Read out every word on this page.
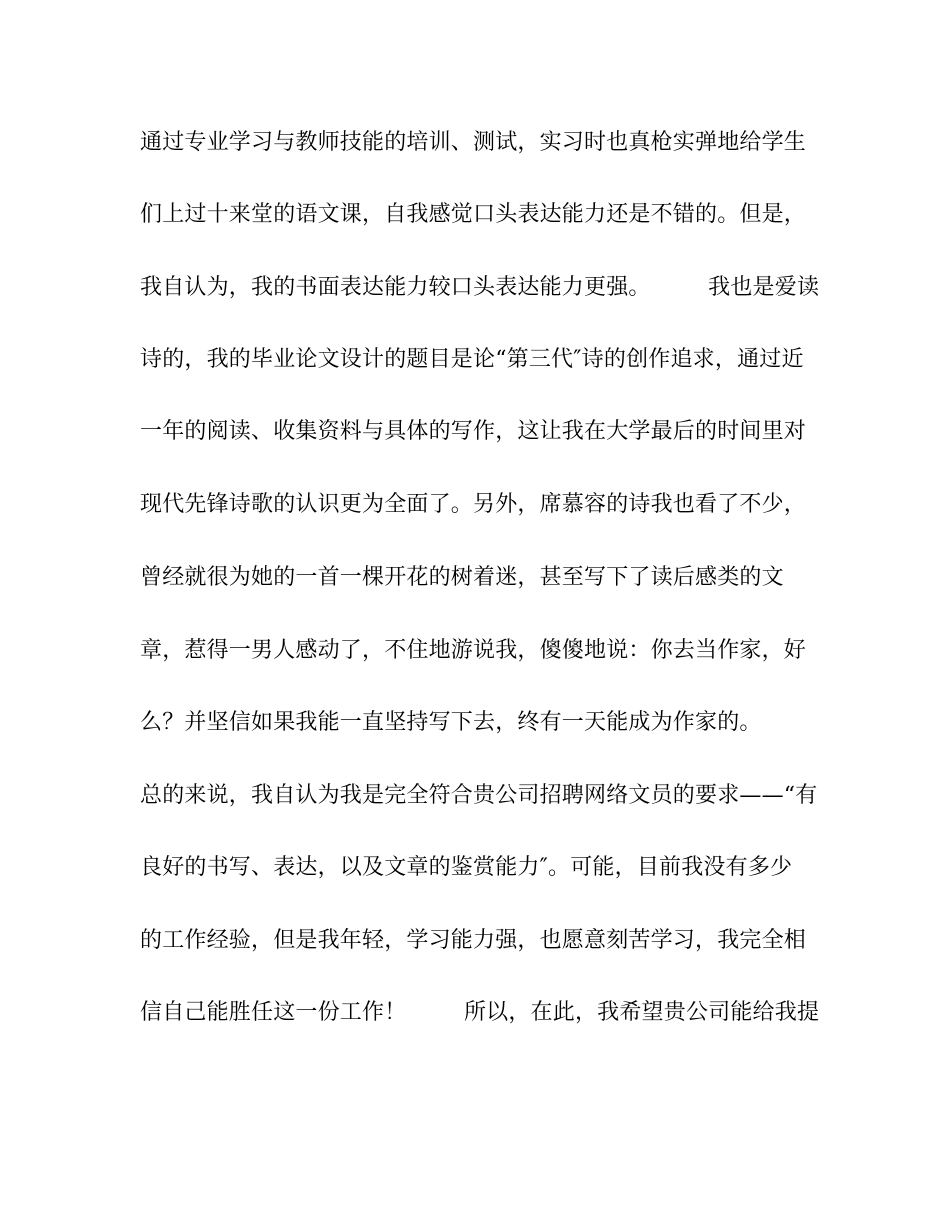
通过专业学习与教师技能的培训、测试，实习时也真枪实弹地给学生
们上过十来堂的语文课，自我感觉口头表达能力还是不错的。但是，
我自认为，我的书面表达能力较口头表达能力更强。        我也是爱读
诗的，我的毕业论文设计的题目是论“第三代″诗的创作追求，通过近
一年的阅读、收集资料与具体的写作，这让我在大学最后的时间里对
现代先锋诗歌的认识更为全面了。另外，席慕容的诗我也看了不少，
曾经就很为她的一首一棵开花的树着迷，甚至写下了读后感类的文
章，惹得一男人感动了，不住地游说我，傻傻地说：你去当作家，好
么？并坚信如果我能一直坚持写下去，终有一天能成为作家的。
总的来说，我自认为我是完全符合贵公司招聘网络文员的要求——“有
良好的书写、表达，以及文章的鉴赏能力″。可能，目前我没有多少
的工作经验，但是我年轻，学习能力强，也愿意刻苦学习，我完全相
信自己能胜任这一份工作！        所以，在此，我希望贵公司能给我提
